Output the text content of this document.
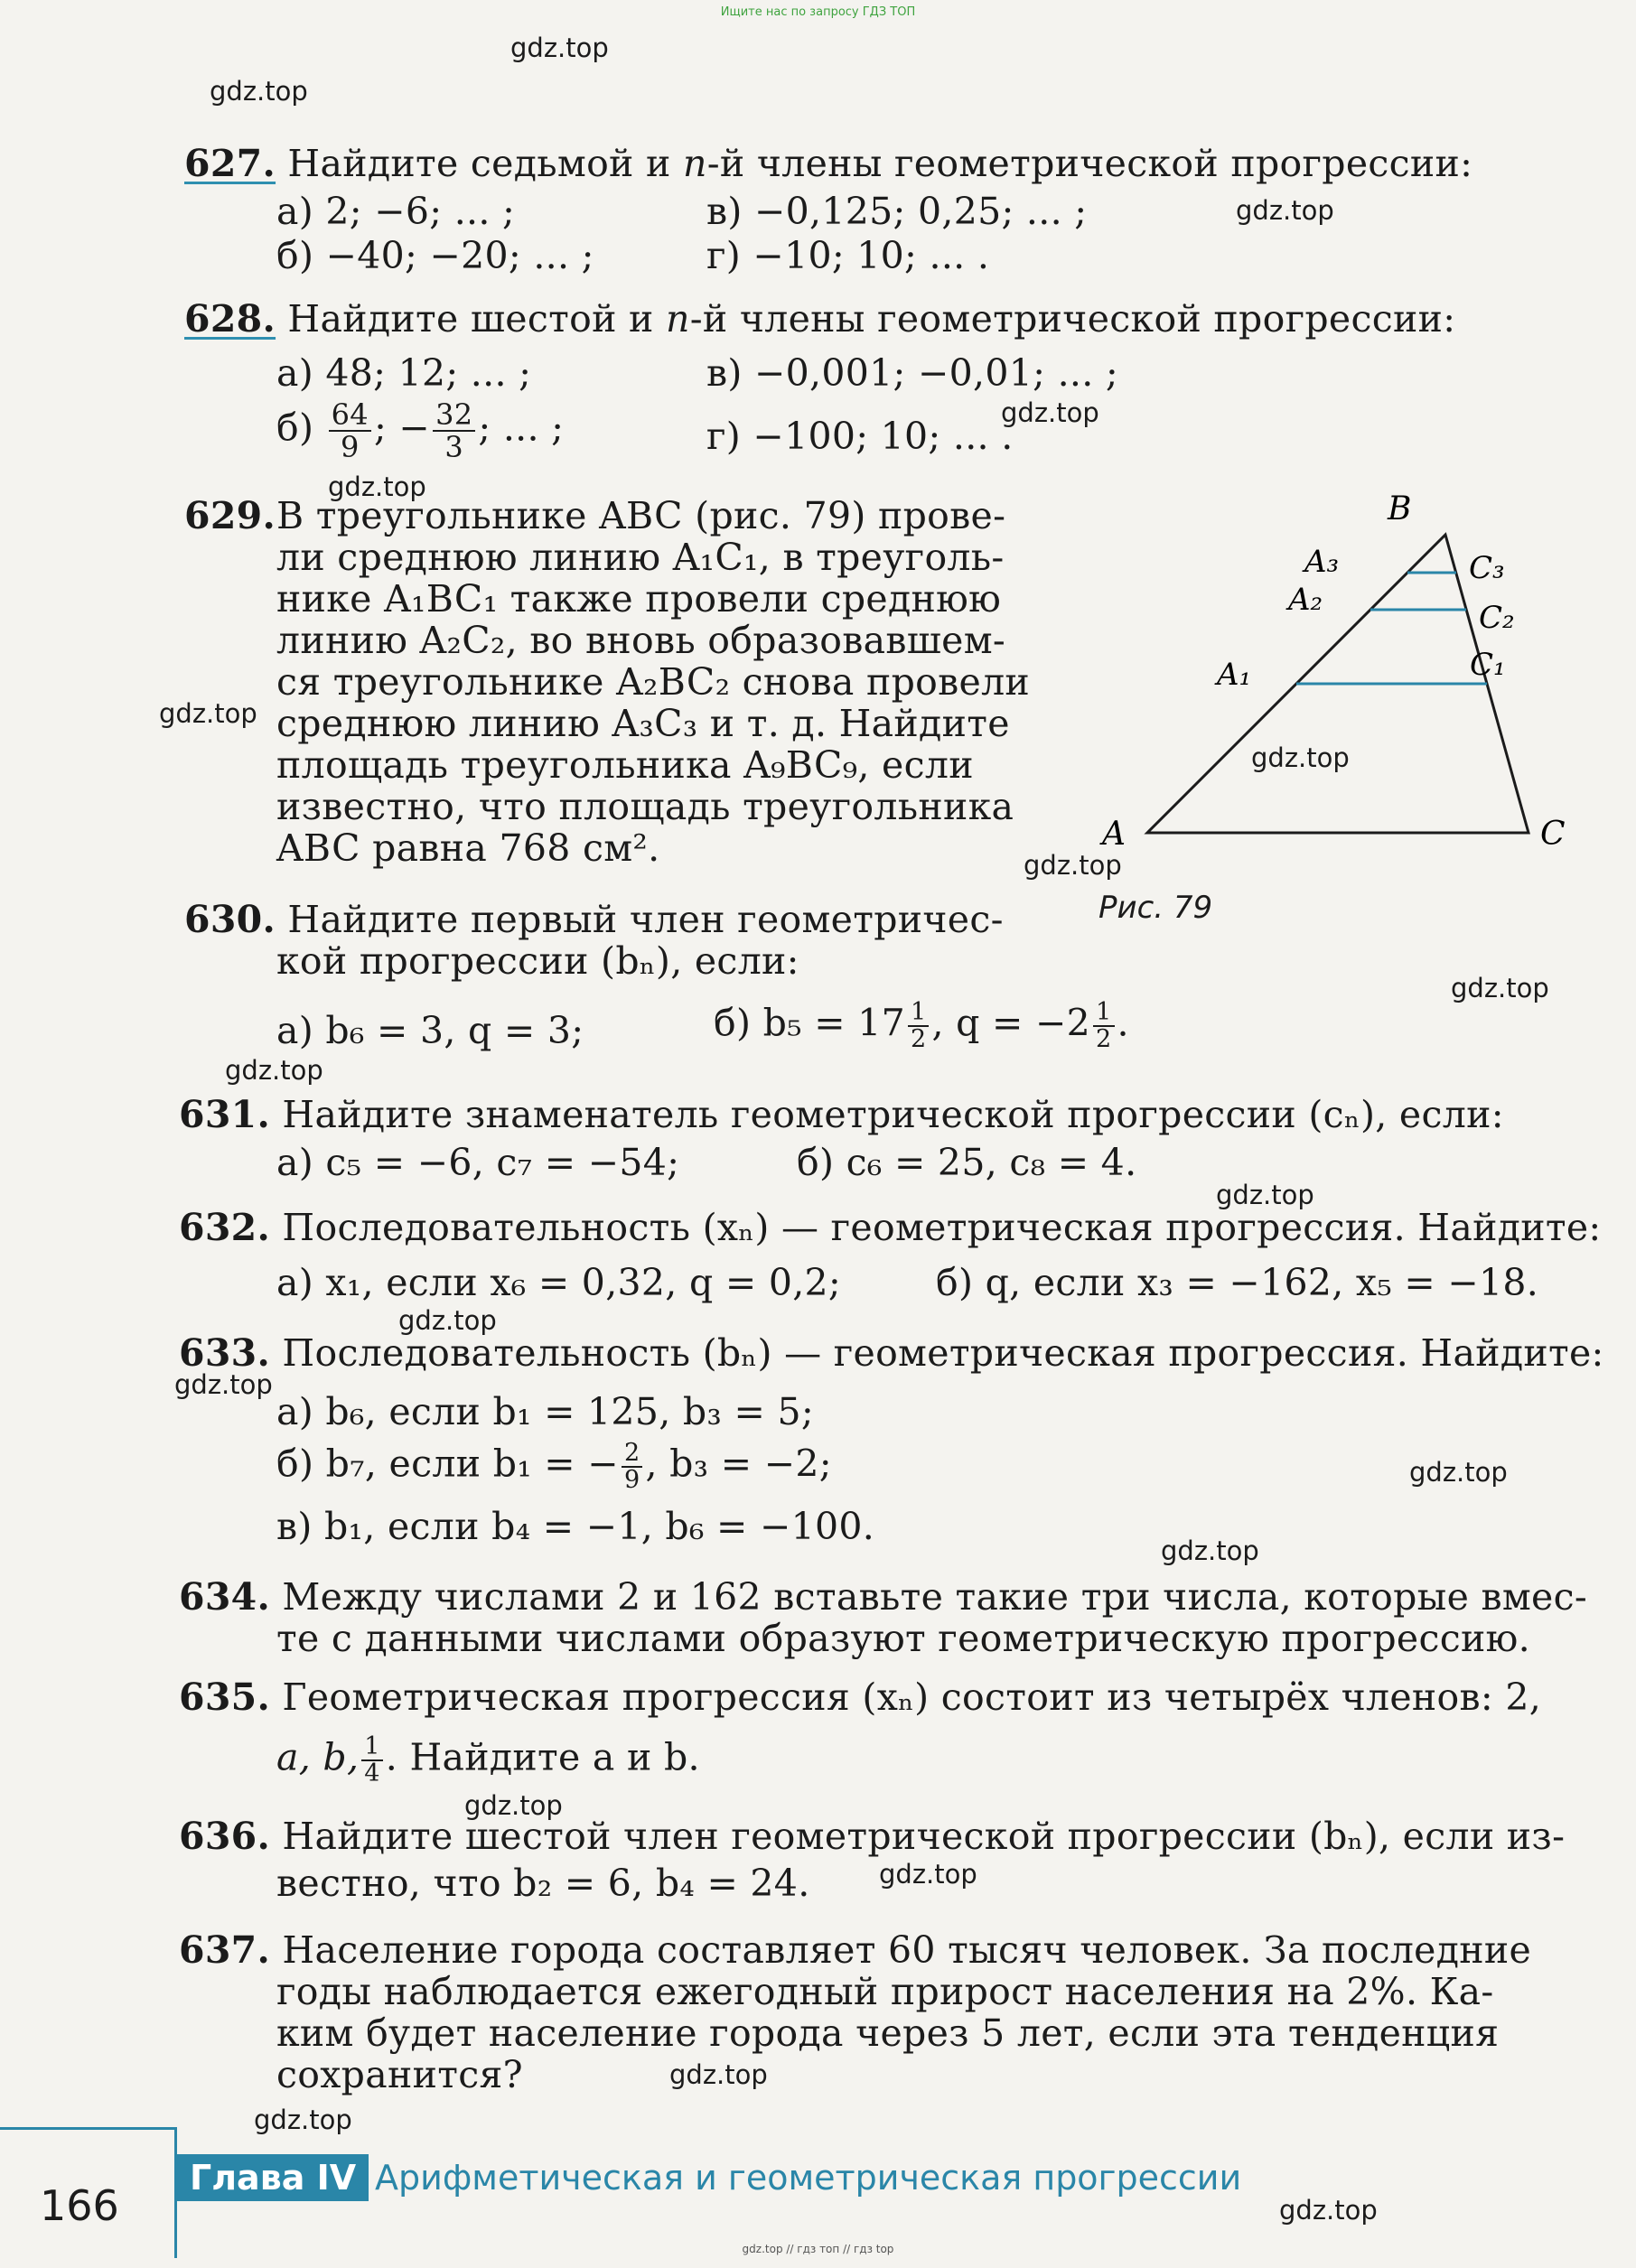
Ищите нас по запросу ГДЗ ТОП
gdz.top
gdz.top
gdz.top
gdz.top
gdz.top
gdz.top
gdz.top
gdz.top
gdz.top
gdz.top
gdz.top
gdz.top
gdz.top
gdz.top
gdz.top
gdz.top
gdz.top
gdz.top
gdz.top
gdz.top
627. Найдите седьмой и n-й члены геометрической прогрессии:
а) 2; −6; ... ;	в) −0,125; 0,25; ... ;
б) −40; −20; ... ;	г) −10; 10; ... .
628. Найдите шестой и n-й члены геометрической прогрессии:
а) 48; 12; ... ;	в) −0,001; −0,01; ... ;
$б) \frac{64}{9}$ ; − $\frac{32}{3}$ ; ... ;	г) −100; 10; ... .
629. В треугольнике ABC (рис. 79) прове-
ли среднюю линию A₁C₁, в треуголь-
нике A₁BC₁ также провели среднюю
линию A₂C₂, во вновь образовавшем-
ся треугольнике A₂BC₂ снова провели
среднюю линию A₃C₃ и т. д. Найдите
площадь треугольника A₉BC₉, если
известно, что площадь треугольника
ABC равна 768 см².	A
B
C
A₁
A₂
A₃
C₁
C₂
C₃
Рис. 79
630. Найдите первый член геометричес-
кой прогрессии (bₙ), если:
а) b₆ = 3, q = 3;	б) $b_5 = 17 \frac{1}{2}$ , $q = -2 \frac{1}{2}$ .
631. Найдите знаменатель геометрической прогрессии (cₙ), если:
а) c₅ = −6, c₇ = −54;	б) c₆ = 25, c₈ = 4.
632. Последовательность (xₙ) — геометрическая прогрессия. Найдите:
а) x₁, если x₆ = 0,32, q = 0,2;	б) q, если x₃ = −162, x₅ = −18.
633. Последовательность (bₙ) — геометрическая прогрессия. Найдите:
а) b₆, если b₁ = 125, b₃ = 5;
б) b₇, если b₁ = − $\frac{2}{9}$ , b₃ = −2;
в) b₁, если b₄ = −1, b₆ = −100.
634. Между числами 2 и 162 вставьте такие три числа, которые вмес-
те с данными числами образуют геометрическую прогрессию.
635. Геометрическая прогрессия (xₙ) состоит из четырёх членов: 2,
a, b, $\frac{1}{4}$ . Найдите a и b.
636. Найдите шестой член геометрической прогрессии (bₙ), если из-
вестно, что b₂ = 6, b₄ = 24.
637. Население города составляет 60 тысяч человек. За последние
годы наблюдается ежегодный прирост населения на 2%. Ка-
ким будет население города через 5 лет, если эта тенденция
сохранится?
166
Глава IV Арифметическая и геометрическая прогрессии
gdz.top // гдз топ // гдз top
